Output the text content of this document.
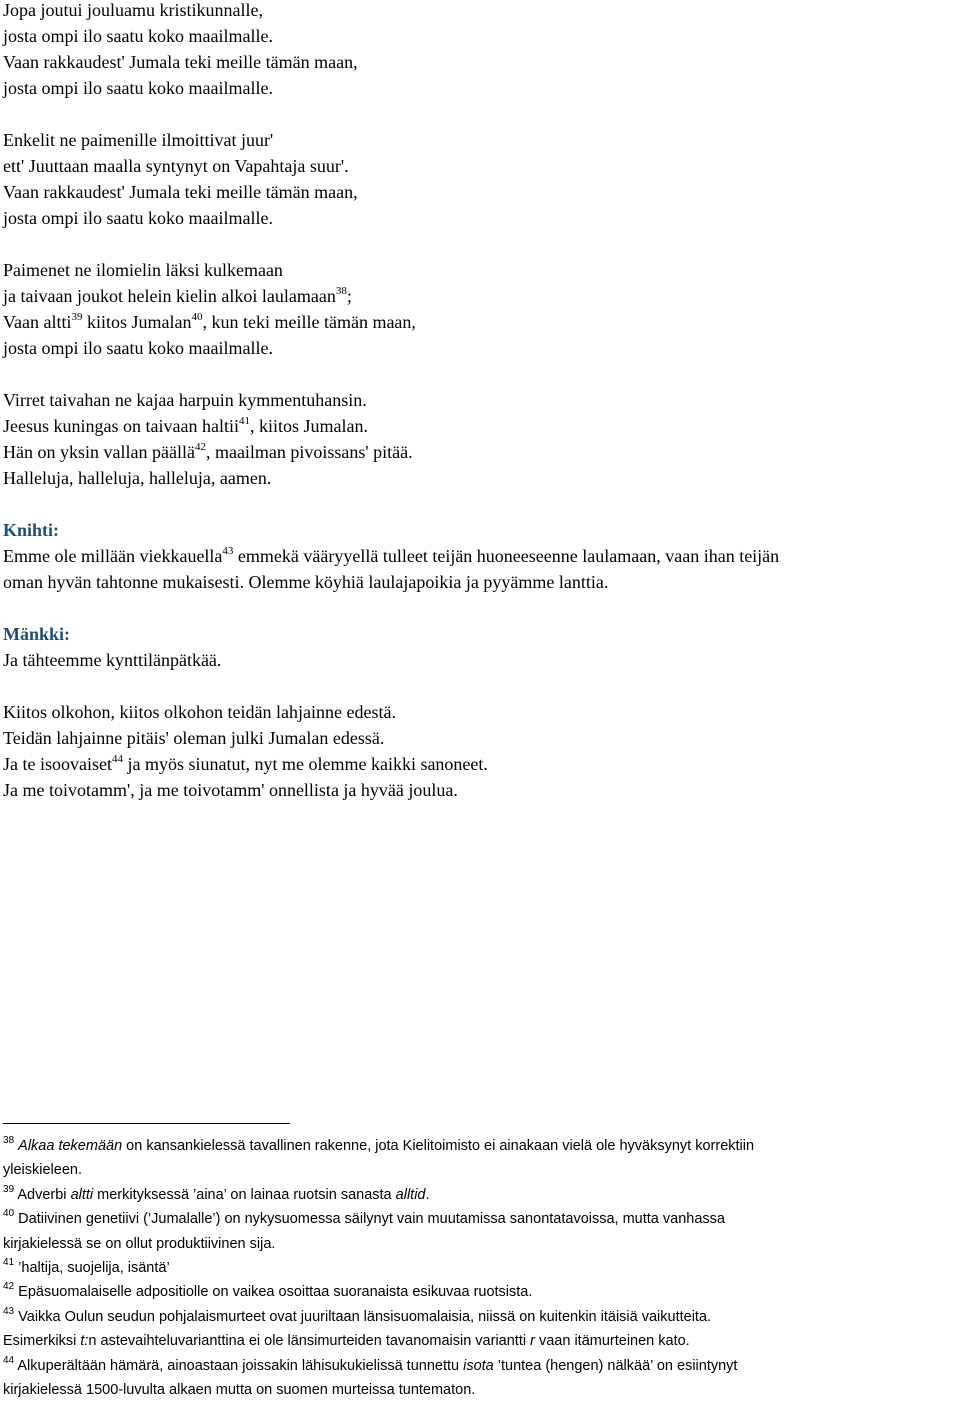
Jopa joutui jouluamu kristikunnalle,
josta ompi ilo saatu koko maailmalle.
Vaan rakkaudest' Jumala teki meille tämän maan,
josta ompi ilo saatu koko maailmalle.
Enkelit ne paimenille ilmoittivat juur'
ett' Juuttaan maalla syntynyt on Vapahtaja suur'.
Vaan rakkaudest' Jumala teki meille tämän maan,
josta ompi ilo saatu koko maailmalle.
Paimenet ne ilomielin läksi kulkemaan
ja taivaan joukot helein kielin alkoi laulamaan$^{38}$;
Vaan altti$^{39}$ kiitos Jumalan$^{40}$, kun teki meille tämän maan,
josta ompi ilo saatu koko maailmalle.
Virret taivahan ne kajaa harpuin kymmentuhansin.
Jeesus kuningas on taivaan haltii$^{41}$, kiitos Jumalan.
Hän on yksin vallan päällä$^{42}$, maailman pivoissans' pitää.
Halleluja, halleluja, halleluja, aamen.
Knihti:
Emme ole millään viekkauella$^{43}$ emmekä vääryyellä tulleet teijän huoneeseenne laulamaan, vaan ihan teijän
oman hyvän tahtonne mukaisesti. Olemme köyhiä laulajapoikia ja pyyämme lanttia.
Mänkki:
Ja tähteemme kynttilänpätkää.
Kiitos olkohon, kiitos olkohon teidän lahjainne edestä.
Teidän lahjainne pitäis' oleman julki Jumalan edessä.
Ja te isoovaiset$^{44}$ ja myös siunatut, nyt me olemme kaikki sanoneet.
Ja me toivotamm', ja me toivotamm' onnellista ja hyvää joulua.
$^{38}$ Alkaa tekemään on kansankielessä tavallinen rakenne, jota Kielitoimisto ei ainakaan vielä ole hyväksynyt korrektiin
yleiskieleen.
$^{39}$ Adverbi altti merkityksessä ’aina’ on lainaa ruotsin sanasta alltid.
$^{40}$ Datiivinen genetiivi (’Jumalalle’) on nykysuomessa säilynyt vain muutamissa sanontatavoissa, mutta vanhassa
kirjakielessä se on ollut produktiivinen sija.
$^{41}$ ’haltija, suojelija, isäntä’
$^{42}$ Epäsuomalaiselle adpositiolle on vaikea osoittaa suoranaista esikuvaa ruotsista.
$^{43}$ Vaikka Oulun seudun pohjalaismurteet ovat juuriltaan länsisuomalaisia, niissä on kuitenkin itäisiä vaikutteita.
Esimerkiksi t:n astevaihteluvarianttina ei ole länsimurteiden tavanomaisin variantti r vaan itämurteinen kato.
$^{44}$ Alkuperältään hämärä, ainoastaan joissakin lähisukukielissä tunnettu isota ’tuntea (hengen) nälkää’ on esiintynyt
kirjakielessä 1500-luvulta alkaen mutta on suomen murteissa tuntematon.
